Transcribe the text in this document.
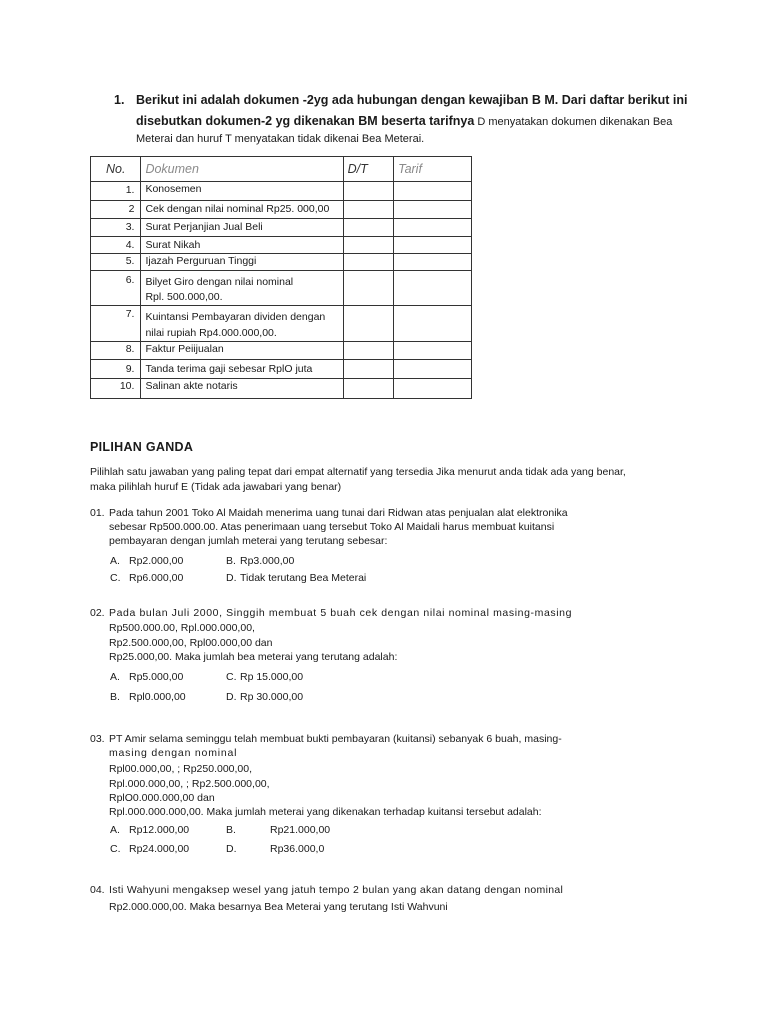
1. Berikut ini adalah dokumen -2yg ada hubungan dengan kewajiban B M. Dari daftar berikut ini
disebutkan dokumen-2 yg dikenakan BM beserta tarifnya D menyatakan dokumen dikenakan Bea
Meterai dan huruf T menyatakan tidak dikenai Bea Meterai.
No.	Dokumen	D/T	Tarif
1.	Konosemen		
2	Cek dengan nilai nominal Rp25. 000,00		
3.	Surat Perjanjian Jual Beli		
4.	Surat Nikah		
5.	Ijazah Perguruan Tinggi		
6.	Bilyet Giro dengan nilai nominal
Rpl. 500.000,00.		

7.	Kuintansi Pembayaran dividen dengan
nilai rupiah Rp4.000.000,00.		

8.	Faktur Peiijualan		
9.	Tanda terima gaji sebesar RplO juta		
10.	Salinan akte notaris		
PILIHAN GANDA
Pilihlah satu jawaban yang paling tepat dari empat alternatif yang tersedia Jika menurut anda tidak ada yang benar,
maka pilihlah huruf E (Tidak ada jawabari yang benar)
01. Pada tahun 2001 Toko Al Maidah menerima uang tunai dari Ridwan atas penjualan alat elektronika
sebesar Rp500.000.00. Atas penerimaan uang tersebut Toko Al Maidali harus membuat kuitansi
pembayaran dengan jumlah meterai yang terutang sebesar:
A. Rp2.000,00	B. Rp3.000,00
C. Rp6.000,00	D. Tidak terutang Bea Meterai
02. Pada bulan Juli 2000, Singgih membuat 5 buah cek dengan nilai nominal masing-masing
Rp500.000.00, Rpl.000.000,00,
Rp2.500.000,00, Rpl00.000,00 dan
Rp25.000,00. Maka jumlah bea meterai yang terutang adalah:
A. Rp5.000,00	C. Rp 15.000,00
B. Rpl0.000,00	D. Rp 30.000,00
03. PT Amir selama seminggu telah membuat bukti pembayaran (kuitansi) sebanyak 6 buah, masing-
masing dengan nominal
Rpl00.000,00, ; Rp250.000,00,
Rpl.000.000,00, ; Rp2.500.000,00,
RplO0.000.000,00 dan
Rpl.000.000.000,00. Maka jumlah meterai yang dikenakan terhadap kuitansi tersebut adalah:
A. Rp12.000,00	B.	Rp21.000,00
C. Rp24.000,00	D.	Rp36.000,0
04. Isti Wahyuni mengaksep wesel yang jatuh tempo 2 bulan yang akan datang dengan nominal
Rp2.000.000,00. Maka besarnya Bea Meterai yang terutang Isti Wahvuni
